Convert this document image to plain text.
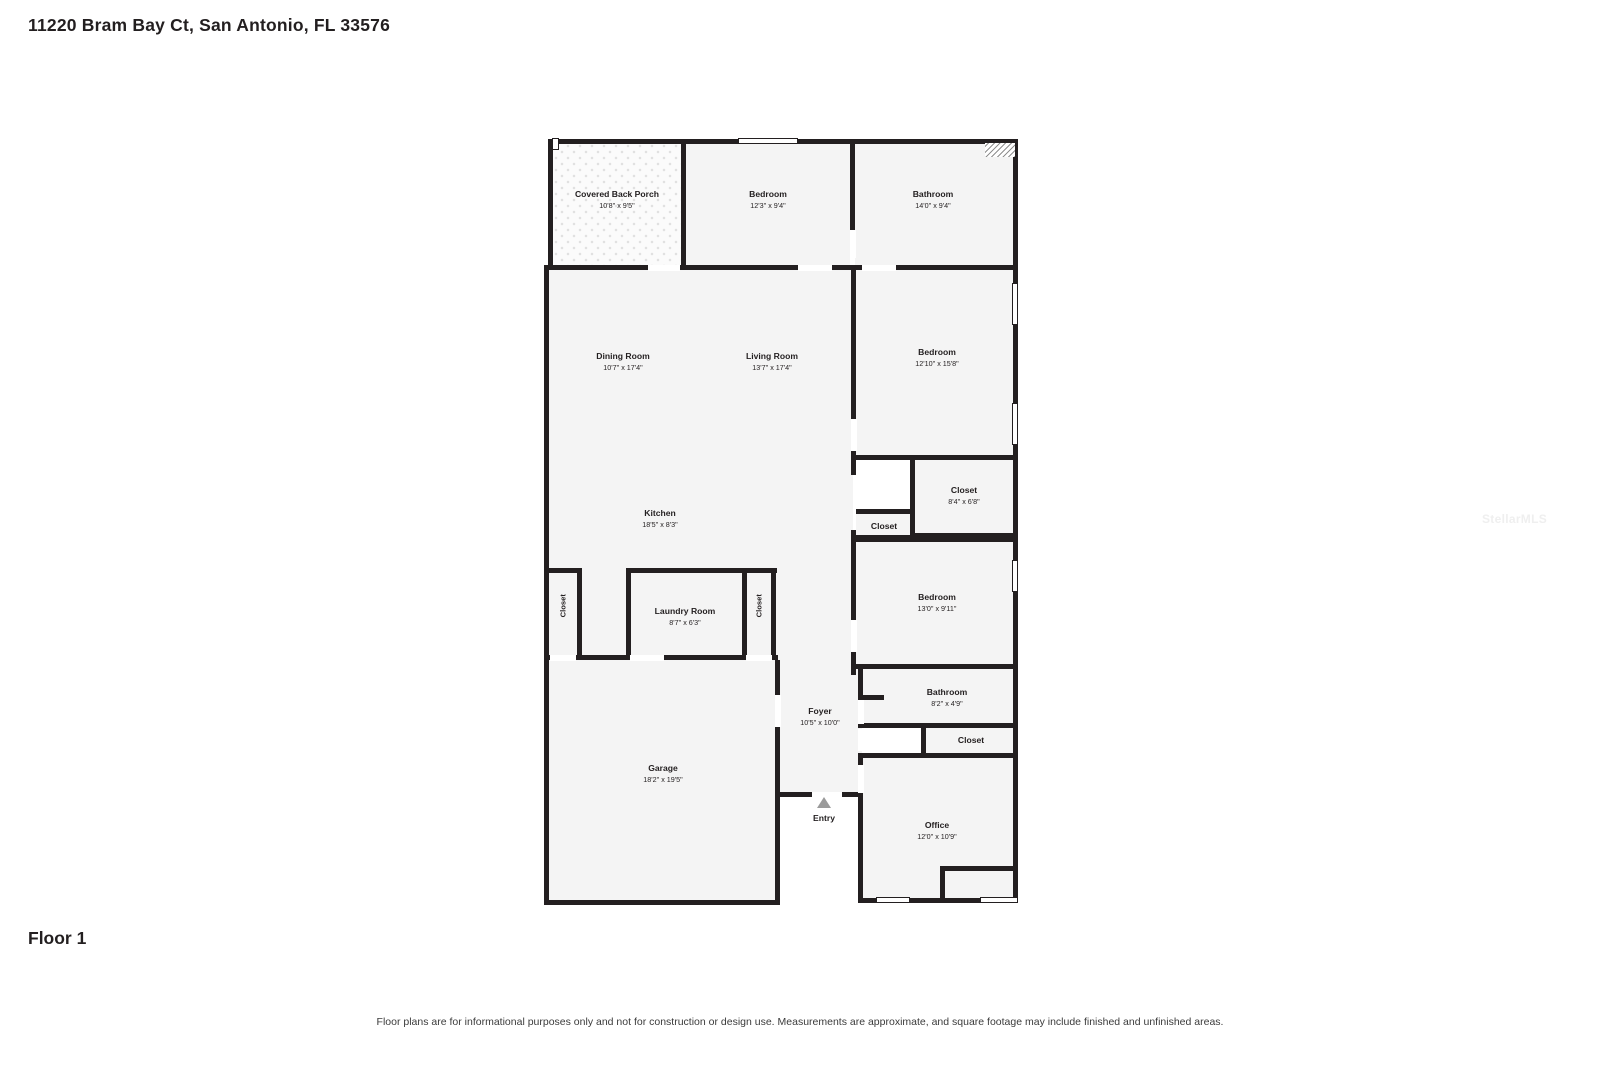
11220 Bram Bay Ct, San Antonio, FL 33576
Covered Back Porch
10'8" x 9'5"
Bedroom
12'3" x 9'4"
Bathroom
14'0" x 9'4"
Dining Room
10'7" x 17'4"
Living Room
13'7" x 17'4"
Bedroom
12'10" x 15'8"
Kitchen
18'5" x 8'3"
Closet
8'4" x 6'8"
Closet
Bedroom
13'0" x 9'11"
Closet	Laundry Room
8'7" x 6'3"
Closet
Foyer
10'5" x 10'0"
Bathroom
8'2" x 4'9"
Closet
Garage
18'2" x 19'5"
Office
12'0" x 10'9"
Entry
Floor 1
Floor plans are for informational purposes only and not for construction or design use. Measurements are approximate, and square footage may include finished and unfinished areas.
StellarMLS
